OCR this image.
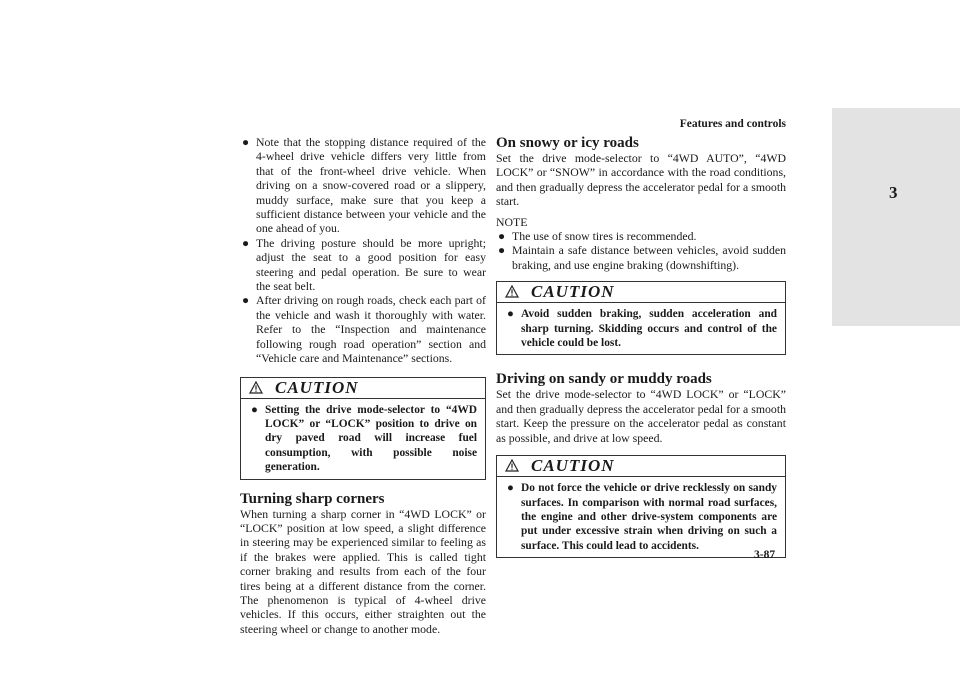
Features and controls
3
● Note that the stopping distance required of the 4-wheel drive vehicle differs very little from that of the front-wheel drive vehicle. When driving on a snow-covered road or a slippery, muddy surface, make sure that you keep a sufficient distance between your vehicle and the one ahead of you.
● The driving posture should be more upright; adjust the seat to a good position for easy steering and pedal operation. Be sure to wear the seat belt.
● After driving on rough roads, check each part of the vehicle and wash it thoroughly with water. Refer to the “Inspection and maintenance following rough road operation” section and “Vehicle care and Maintenance” sections.
CAUTION
● Setting the drive mode-selector to “4WD LOCK” or “LOCK” position to drive on dry paved road will increase fuel consumption, with possible noise generation.
Turning sharp corners

When turning a sharp corner in “4WD LOCK” or “LOCK” position at low speed, a slight difference in steering may be experienced similar to feeling as if the brakes were applied. This is called tight corner braking and results from each of the four tires being at a different distance from the corner. The phenomenon is typical of 4-wheel drive vehicles. If this occurs, either straighten out the steering wheel or change to another mode.

On snowy or icy roads

Set the drive mode-selector to “4WD AUTO”, “4WD LOCK” or “SNOW” in accordance with the road conditions, and then gradually depress the accelerator pedal for a smooth start.

NOTE

● The use of snow tires is recommended.
● Maintain a safe distance between vehicles, avoid sudden braking, and use engine braking (downshifting).
CAUTION
● Avoid sudden braking, sudden acceleration and sharp turning. Skidding occurs and control of the vehicle could be lost.
Driving on sandy or muddy roads

Set the drive mode-selector to “4WD LOCK” or “LOCK” and then gradually depress the accelerator pedal for a smooth start. Keep the pressure on the accelerator pedal as constant as possible, and drive at low speed.

CAUTION
● Do not force the vehicle or drive recklessly on sandy surfaces. In comparison with normal road surfaces, the engine and other drive-system components are put under excessive strain when driving on such a surface. This could lead to accidents.
3-87
